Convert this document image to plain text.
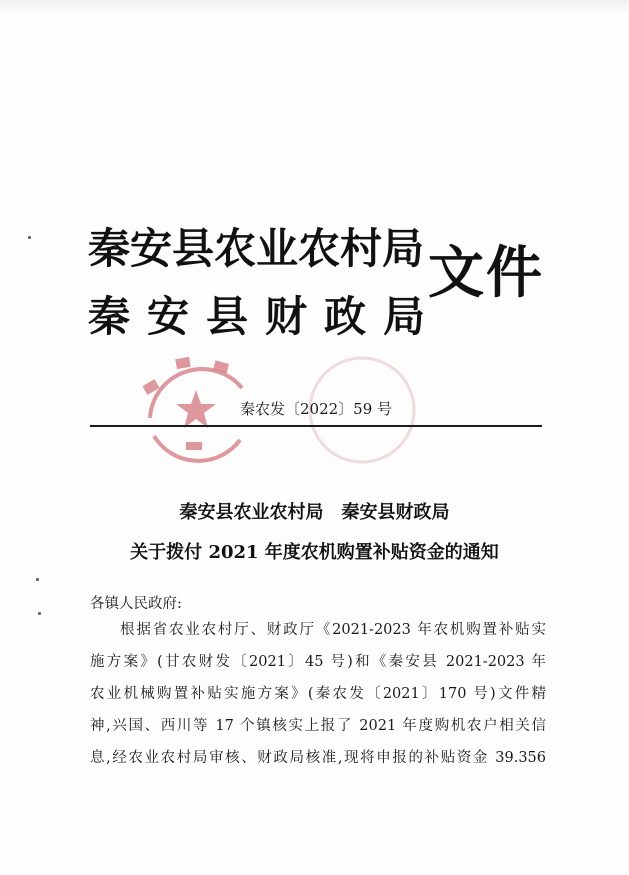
秦安县农业农村局
秦安县财政局
文件
秦农发〔2022〕59 号
秦安县农业农村局　秦安县财政局
关于拨付 2021 年度农机购置补贴资金的通知
各镇人民政府:
根据省农业农村厅、财政厅《2021-2023 年农机购置补贴实
施方案》(甘农财发〔2021〕45 号)和《秦安县 2021-2023 年
农业机械购置补贴实施方案》(秦农发〔2021〕170 号)文件精
神,兴国、西川等 17 个镇核实上报了 2021 年度购机农户相关信
息,经农业农村局审核、财政局核准,现将申报的补贴资金 39.356
